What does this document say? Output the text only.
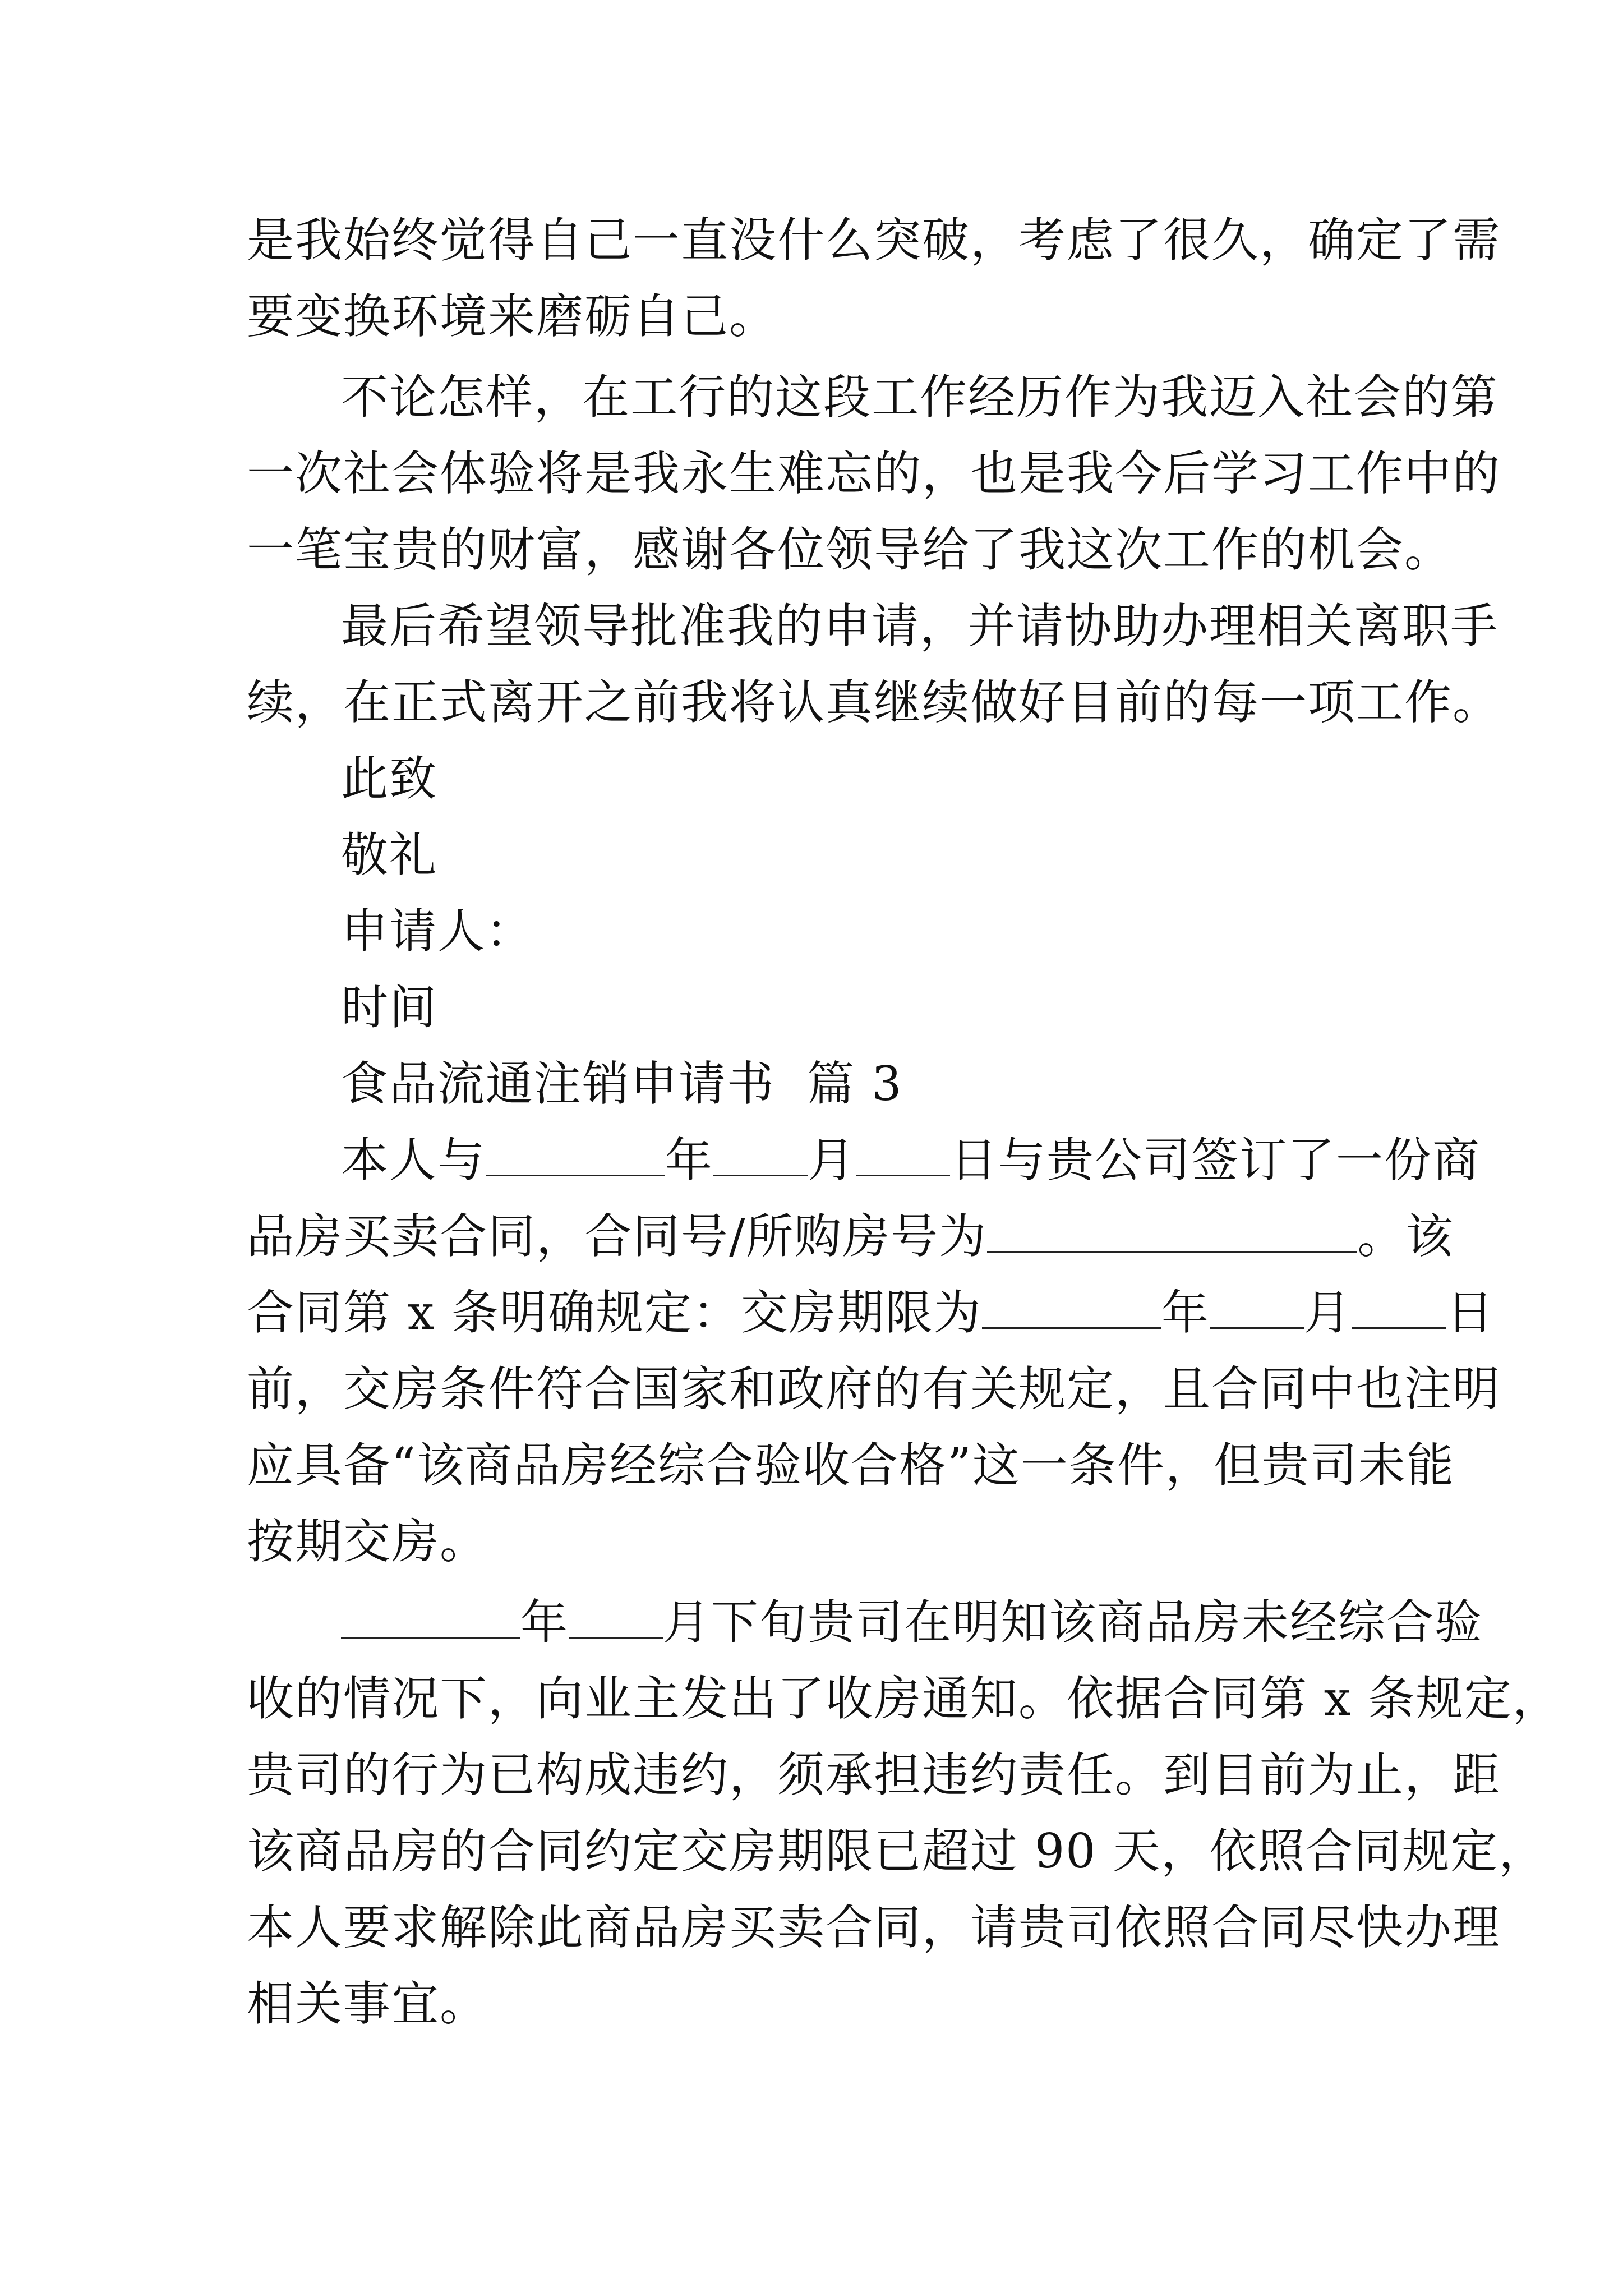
是我始终觉得自己一直没什么突破，考虑了很久，确定了需
要变换环境来磨砺自己。
不论怎样，在工行的这段工作经历作为我迈入社会的第
一次社会体验将是我永生难忘的，也是我今后学习工作中的
一笔宝贵的财富，感谢各位领导给了我这次工作的机会。
最后希望领导批准我的申请，并请协助办理相关离职手
续，在正式离开之前我将认真继续做好目前的每一项工作。
此致
敬礼
申请人：
时间
食品流通注销申请书  篇 3
本人与	年 月 日与贵公司签订了一份商
品房买卖合同，合同号/所购房号为	。该
合同第 x 条明确规定：交房期限为	年 月 日
前，交房条件符合国家和政府的有关规定，且合同中也注明
应具备“该商品房经综合验收合格”这一条件，但贵司未能
按期交房。
年 月下旬贵司在明知该商品房未经综合验
收的情况下，向业主发出了收房通知。依据合同第 x 条规定，
贵司的行为已构成违约，须承担违约责任。到目前为止，距
该商品房的合同约定交房期限已超过 90 天，依照合同规定，
本人要求解除此商品房买卖合同，请贵司依照合同尽快办理
相关事宜。
